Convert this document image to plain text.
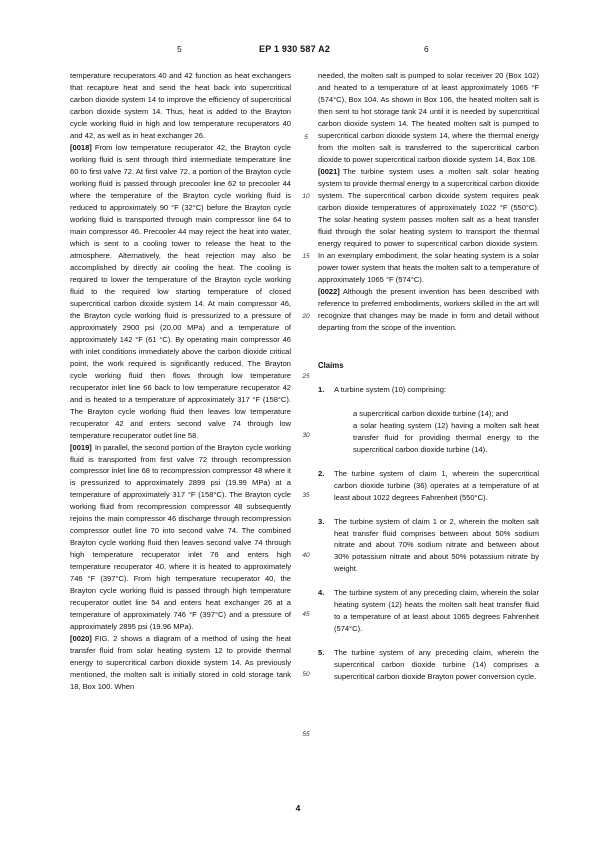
5	EP 1 930 587 A2	6

temperature recuperators 40 and 42 function as heat exchangers that recapture heat and send the heat back into supercritical carbon dioxide system 14 to improve the efficiency of supercritical carbon dioxide system 14. Thus, heat is added to the Brayton cycle working fluid in high and low temperature recuperators 40 and 42, as well as in heat exchanger 26.

[0018] From low temperature recuperator 42, the Brayton cycle working fluid is sent through third intermediate temperature line 60 to first valve 72. At first valve 72, a portion of the Brayton cycle working fluid is passed through precooler line 62 to precooler 44 where the temperature of the Brayton cycle working fluid is reduced to approximately 90 °F (32°C) before the Brayton cycle working fluid is transported through main compressor line 64 to main compressor 46. Precooler 44 may reject the heat into water, which is sent to a cooling tower to release the heat to the atmosphere. Alternatively, the heat rejection may also be accomplished by directly air cooling the heat. The cooling is required to lower the temperature of the Brayton cycle working fluid to the required low starting temperature of closed supercritical carbon dioxide system 14. At main compressor 46, the Brayton cycle working fluid is pressurized to a pressure of approximately 2900 psi (20.00 MPa) and a temperature of approximately 142 °F (61 °C). By operating main compressor 46 with inlet conditions immediately above the carbon dioxide critical point, the work required is significantly reduced. The Brayton cycle working fluid then flows through low temperature recuperator inlet line 66 back to low temperature recuperator 42 and is heated to a temperature of approximately 317 °F (158°C). The Brayton cycle working fluid then leaves low temperature recuperator 42 and enters second valve 74 through low temperature recuperator outlet line 58.

[0019] In parallel, the second portion of the Brayton cycle working fluid is transported from first valve 72 through recompression compressor inlet line 68 to recompression compressor 48 where it is pressurized to approximately 2899 psi (19.99 MPa) at a temperature of approximately 317 °F (158°C). The Brayton cycle working fluid from recompression compressor 48 subsequently rejoins the main compressor 46 discharge through recompression compressor outlet line 70 into second valve 74. The combined Brayton cycle working fluid then leaves second valve 74 through high temperature recuperator inlet 76 and enters high temperature recuperator 40, where it is heated to approximately 746 °F (397°C). From high temperature recuperator 40, the Brayton cycle working fluid is passed through high temperature recuperator outlet line 54 and enters heat exchanger 26 at a temperature of approximately 746 °F (397°C) and a pressure of approximately 2895 psi (19.96 MPa).

[0020] FIG. 2 shows a diagram of a method of using the heat transfer fluid from solar heating system 12 to provide thermal energy to supercritical carbon dioxide system 14. As previously mentioned, the molten salt is initially stored in cold storage tank 18, Box 100. When

5
10
15
20
25
30
35
40
45
50
55

needed, the molten salt is pumped to solar receiver 20 (Box 102) and heated to a temperature of at least approximately 1065 °F (574°C), Box 104. As shown in Box 106, the heated molten salt is then sent to hot storage tank 24 until it is needed by supercritical carbon dioxide system 14. The heated molten salt is pumped to supercritical carbon dioxide system 14, where the thermal energy from the molten salt is transferred to the supercritical carbon dioxide to power supercritical carbon dioxide system 14, Box 108.

[0021] The turbine system uses a molten salt solar heating system to provide thermal energy to a supercritical carbon dioxide system. The supercritical carbon dioxide system requires peak carbon dioxide temperatures of approximately 1022 °F (550°C). The solar heating system passes molten salt as a heat transfer fluid through the solar heating system to transport the thermal energy required to power to supercritical carbon dioxide system. In an exemplary embodiment, the solar heating system is a solar power tower system that heats the molten salt to a temperature of approximately 1065 °F (574°C).

[0022] Although the present invention has been described with reference to preferred embodiments, workers skilled in the art will recognize that changes may be made in form and detail without departing from the scope of the invention.

Claims
1. A turbine system (10) comprising:
a supercritical carbon dioxide turbine (14); and
a solar heating system (12) having a molten salt heat transfer fluid for providing thermal energy to the supercritical carbon dioxide turbine (14).
2. The turbine system of claim 1, wherein the supercritical carbon dioxide turbine (36) operates at a temperature of at least about 1022 degrees Fahrenheit (550°C).
3. The turbine system of claim 1 or 2, wherein the molten salt heat transfer fluid comprises between about 50% sodium nitrate and about 70% sodium nitrate and between about 30% potassium nitrate and about 50% potassium nitrate by weight.
4. The turbine system of any preceding claim, wherein the solar heating system (12) heats the molten salt heat transfer fluid to a temperature of at least about 1065 degrees Fahrenheit (574°C).
5. The turbine system of any preceding claim, wherein the supercritical carbon dioxide turbine (14) comprises a supercritical carbon dioxide Brayton power conversion cycle.
4
